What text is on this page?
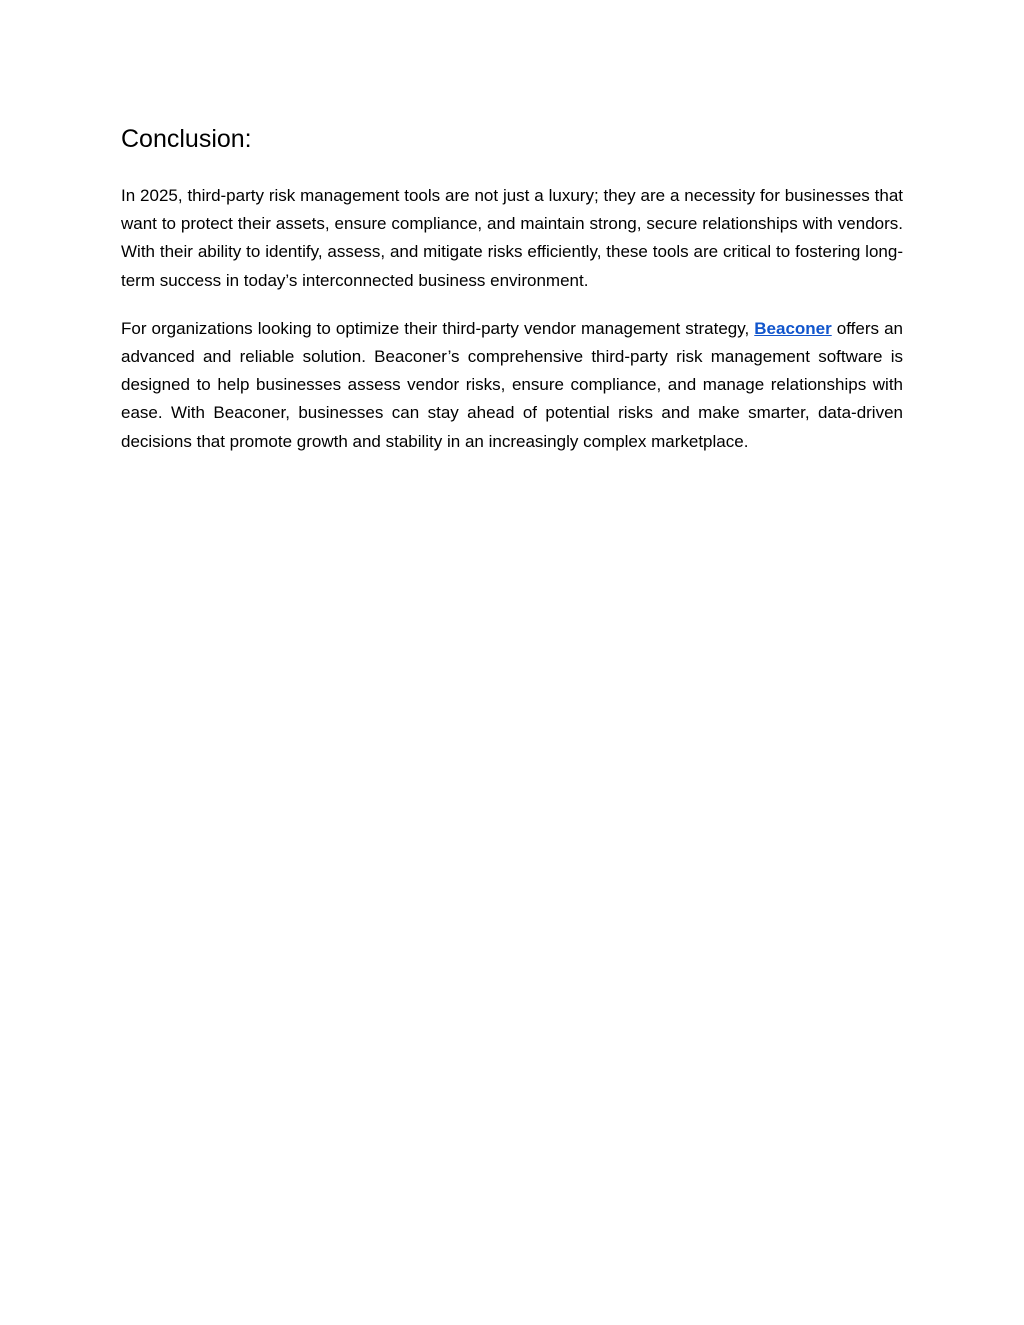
Conclusion:

In 2025, third-party risk management tools are not just a luxury; they are a necessity for businesses that want to protect their assets, ensure compliance, and maintain strong, secure relationships with vendors. With their ability to identify, assess, and mitigate risks efficiently, these tools are critical to fostering long-term success in today’s interconnected business environment.

For organizations looking to optimize their third-party vendor management strategy, Beaconer offers an advanced and reliable solution. Beaconer’s comprehensive third-party risk management software is designed to help businesses assess vendor risks, ensure compliance, and manage relationships with ease. With Beaconer, businesses can stay ahead of potential risks and make smarter, data-driven decisions that promote growth and stability in an increasingly complex marketplace.
